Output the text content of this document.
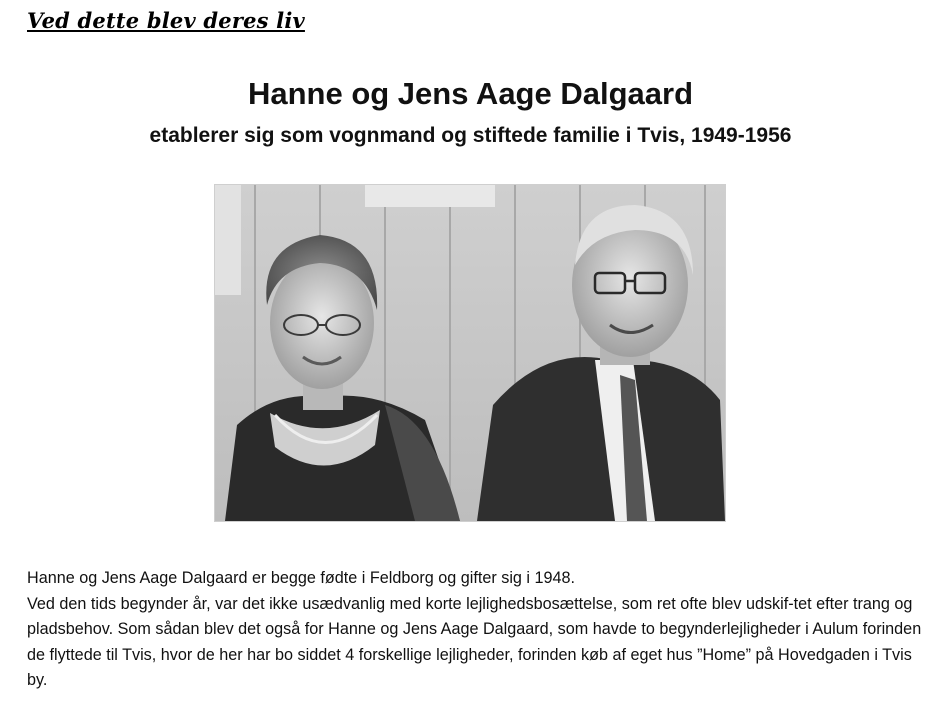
Ved dette blev deres liv
Hanne og Jens Aage Dalgaard
etablerer sig som vognmand og stiftede familie i Tvis, 1949-1956

Hanne og Jens Aage Dalgaard er begge fødte i Feldborg og gifter sig i 1948.

Ved den tids begynder år, var det ikke usædvanlig med korte lejlighedsbosættelse, som ret ofte blev udskif-tet efter trang og pladsbehov. Som sådan blev det også for Hanne og Jens Aage Dalgaard, som havde to begynderlejligheder i Aulum forinden de flyttede til Tvis, hvor de her har bo siddet 4 forskellige lejligheder, forinden køb af eget hus ”Home” på Hovedgaden i Tvis by.
